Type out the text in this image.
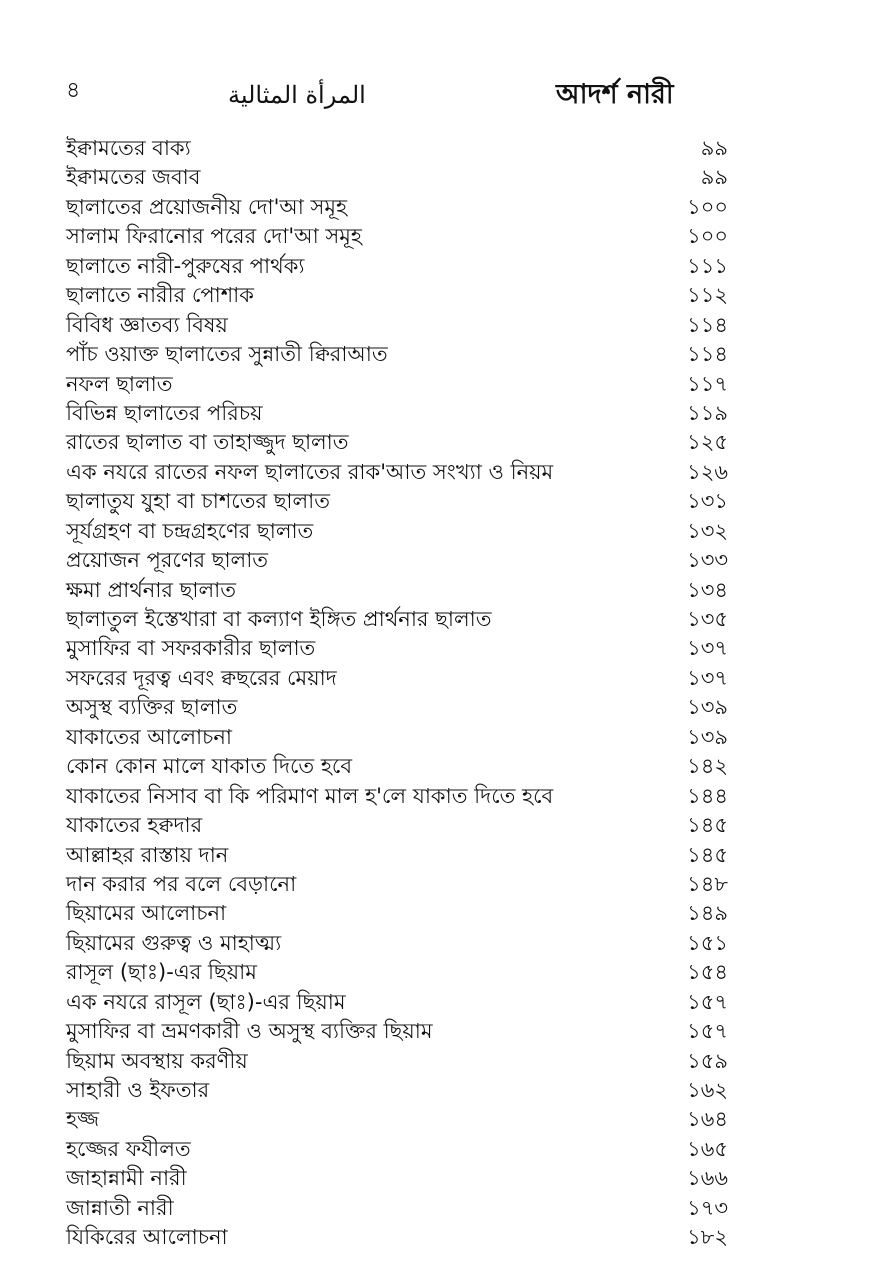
৪	المرأة المثالية	আদর্শ নারী
ইক্বামতের বাক্য	৯৯
ইক্বামতের জবাব	৯৯
ছালাতের প্রয়োজনীয় দো'আ সমূহ	১০০
সালাম ফিরানোর পরের দো'আ সমূহ	১০০
ছালাতে নারী-পুরুষের পার্থক্য	১১১
ছালাতে নারীর পোশাক	১১২
বিবিধ জ্ঞাতব্য বিষয়	১১৪
পাঁচ ওয়াক্ত ছালাতের সুন্নাতী ক্বিরাআত	১১৪
নফল ছালাত	১১৭
বিভিন্ন ছালাতের পরিচয়	১১৯
রাতের ছালাত বা তাহাজ্জুদ ছালাত	১২৫
এক নযরে রাতের নফল ছালাতের রাক'আত সংখ্যা ও নিয়ম	১২৬
ছালাতুয যুহা বা চাশতের ছালাত	১৩১
সূর্যগ্রহণ বা চন্দ্রগ্রহণের ছালাত	১৩২
প্রয়োজন পূরণের ছালাত	১৩৩
ক্ষমা প্রার্থনার ছালাত	১৩৪
ছালাতুল ইস্তেখারা বা কল্যাণ ইঙ্গিত প্রার্থনার ছালাত	১৩৫
মুসাফির বা সফরকারীর ছালাত	১৩৭
সফরের দূরত্ব এবং ক্বছরের মেয়াদ	১৩৭
অসুস্থ ব্যক্তির ছালাত	১৩৯
যাকাতের আলোচনা	১৩৯
কোন কোন মালে যাকাত দিতে হবে	১৪২
যাকাতের নিসাব বা কি পরিমাণ মাল হ'লে যাকাত দিতে হবে	১৪৪
যাকাতের হক্বদার	১৪৫
আল্লাহর রাস্তায় দান	১৪৫
দান করার পর বলে বেড়ানো	১৪৮
ছিয়ামের আলোচনা	১৪৯
ছিয়ামের গুরুত্ব ও মাহাত্ম্য	১৫১
রাসূল (ছাঃ)-এর ছিয়াম	১৫৪
এক নযরে রাসূল (ছাঃ)-এর ছিয়াম	১৫৭
মুসাফির বা ভ্রমণকারী ও অসুস্থ ব্যক্তির ছিয়াম	১৫৭
ছিয়াম অবস্থায় করণীয়	১৫৯
সাহারী ও ইফতার	১৬২
হজ্জ	১৬৪
হজ্জের ফযীলত	১৬৫
জাহান্নামী নারী	১৬৬
জান্নাতী নারী	১৭৩
যিকিরের আলোচনা	১৮২
